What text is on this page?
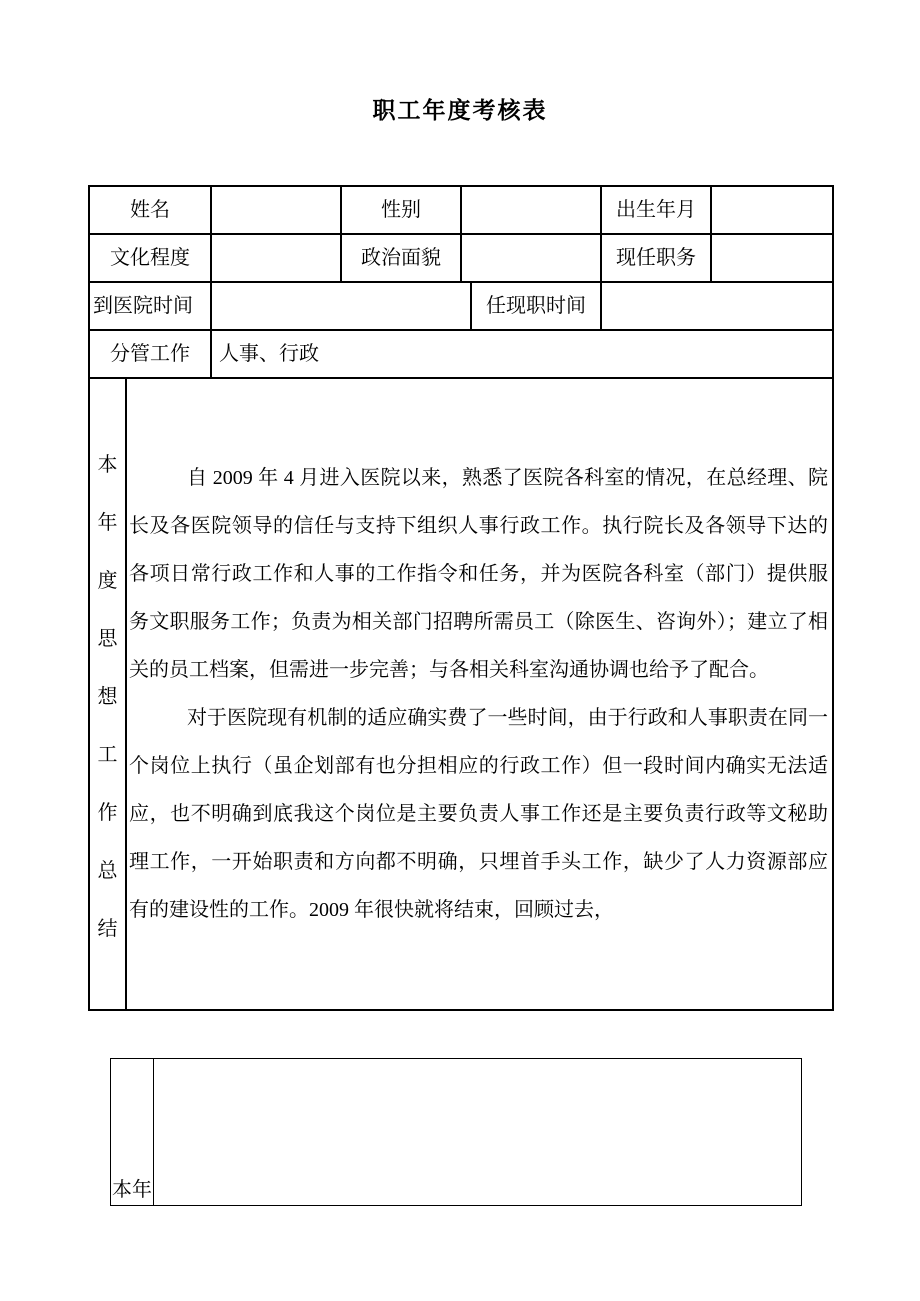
职工年度考核表
姓名	性别	出生年月
文化程度	政治面貌	现任职务
到医院时间	任现职时间
分管工作	人事、行政
本
年
度
思
想
工
作
总
结

自 2009 年 4 月进入医院以来，熟悉了医院各科室的情况，在总经理、院长及各医院领导的信任与支持下组织人事行政工作。执行院长及各领导下达的各项日常行政工作和人事的工作指令和任务，并为医院各科室（部门）提供服务文职服务工作；负责为相关部门招聘所需员工（除医生、咨询外）；建立了相关的员工档案，但需进一步完善；与各相关科室沟通协调也给予了配合。

对于医院现有机制的适应确实费了一些时间，由于行政和人事职责在同一个岗位上执行（虽企划部有也分担相应的行政工作）但一段时间内确实无法适应，也不明确到底我这个岗位是主要负责人事工作还是主要负责行政等文秘助理工作，一开始职责和方向都不明确，只埋首手头工作，缺少了人力资源部应有的建设性的工作。2009 年很快就将结束，回顾过去，

本年
